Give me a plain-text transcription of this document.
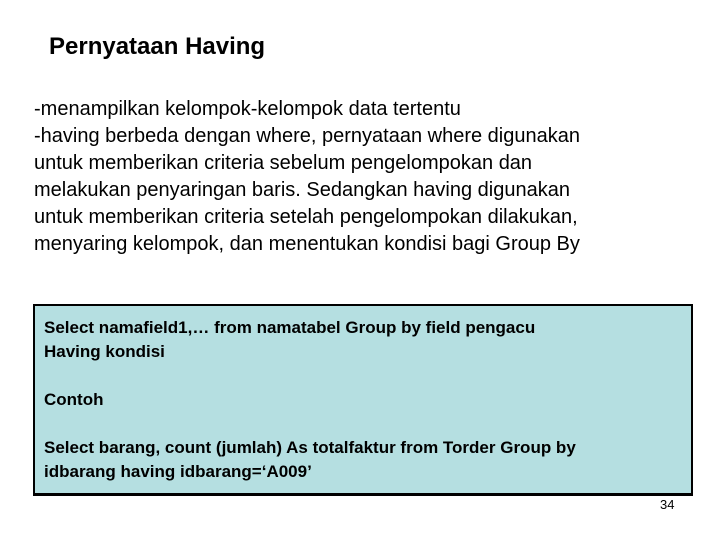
Pernyataan Having
-menampilkan kelompok-kelompok data tertentu
-having berbeda dengan where, pernyataan where digunakan
untuk memberikan criteria sebelum pengelompokan dan
melakukan penyaringan baris. Sedangkan having digunakan
untuk memberikan criteria setelah pengelompokan dilakukan,
menyaring kelompok, dan menentukan kondisi bagi Group By
Select namafield1,… from namatabel Group by field pengacu
Having kondisi
Contoh
Select barang, count (jumlah) As totalfaktur from Torder Group by
idbarang having idbarang=‘A009’
34
